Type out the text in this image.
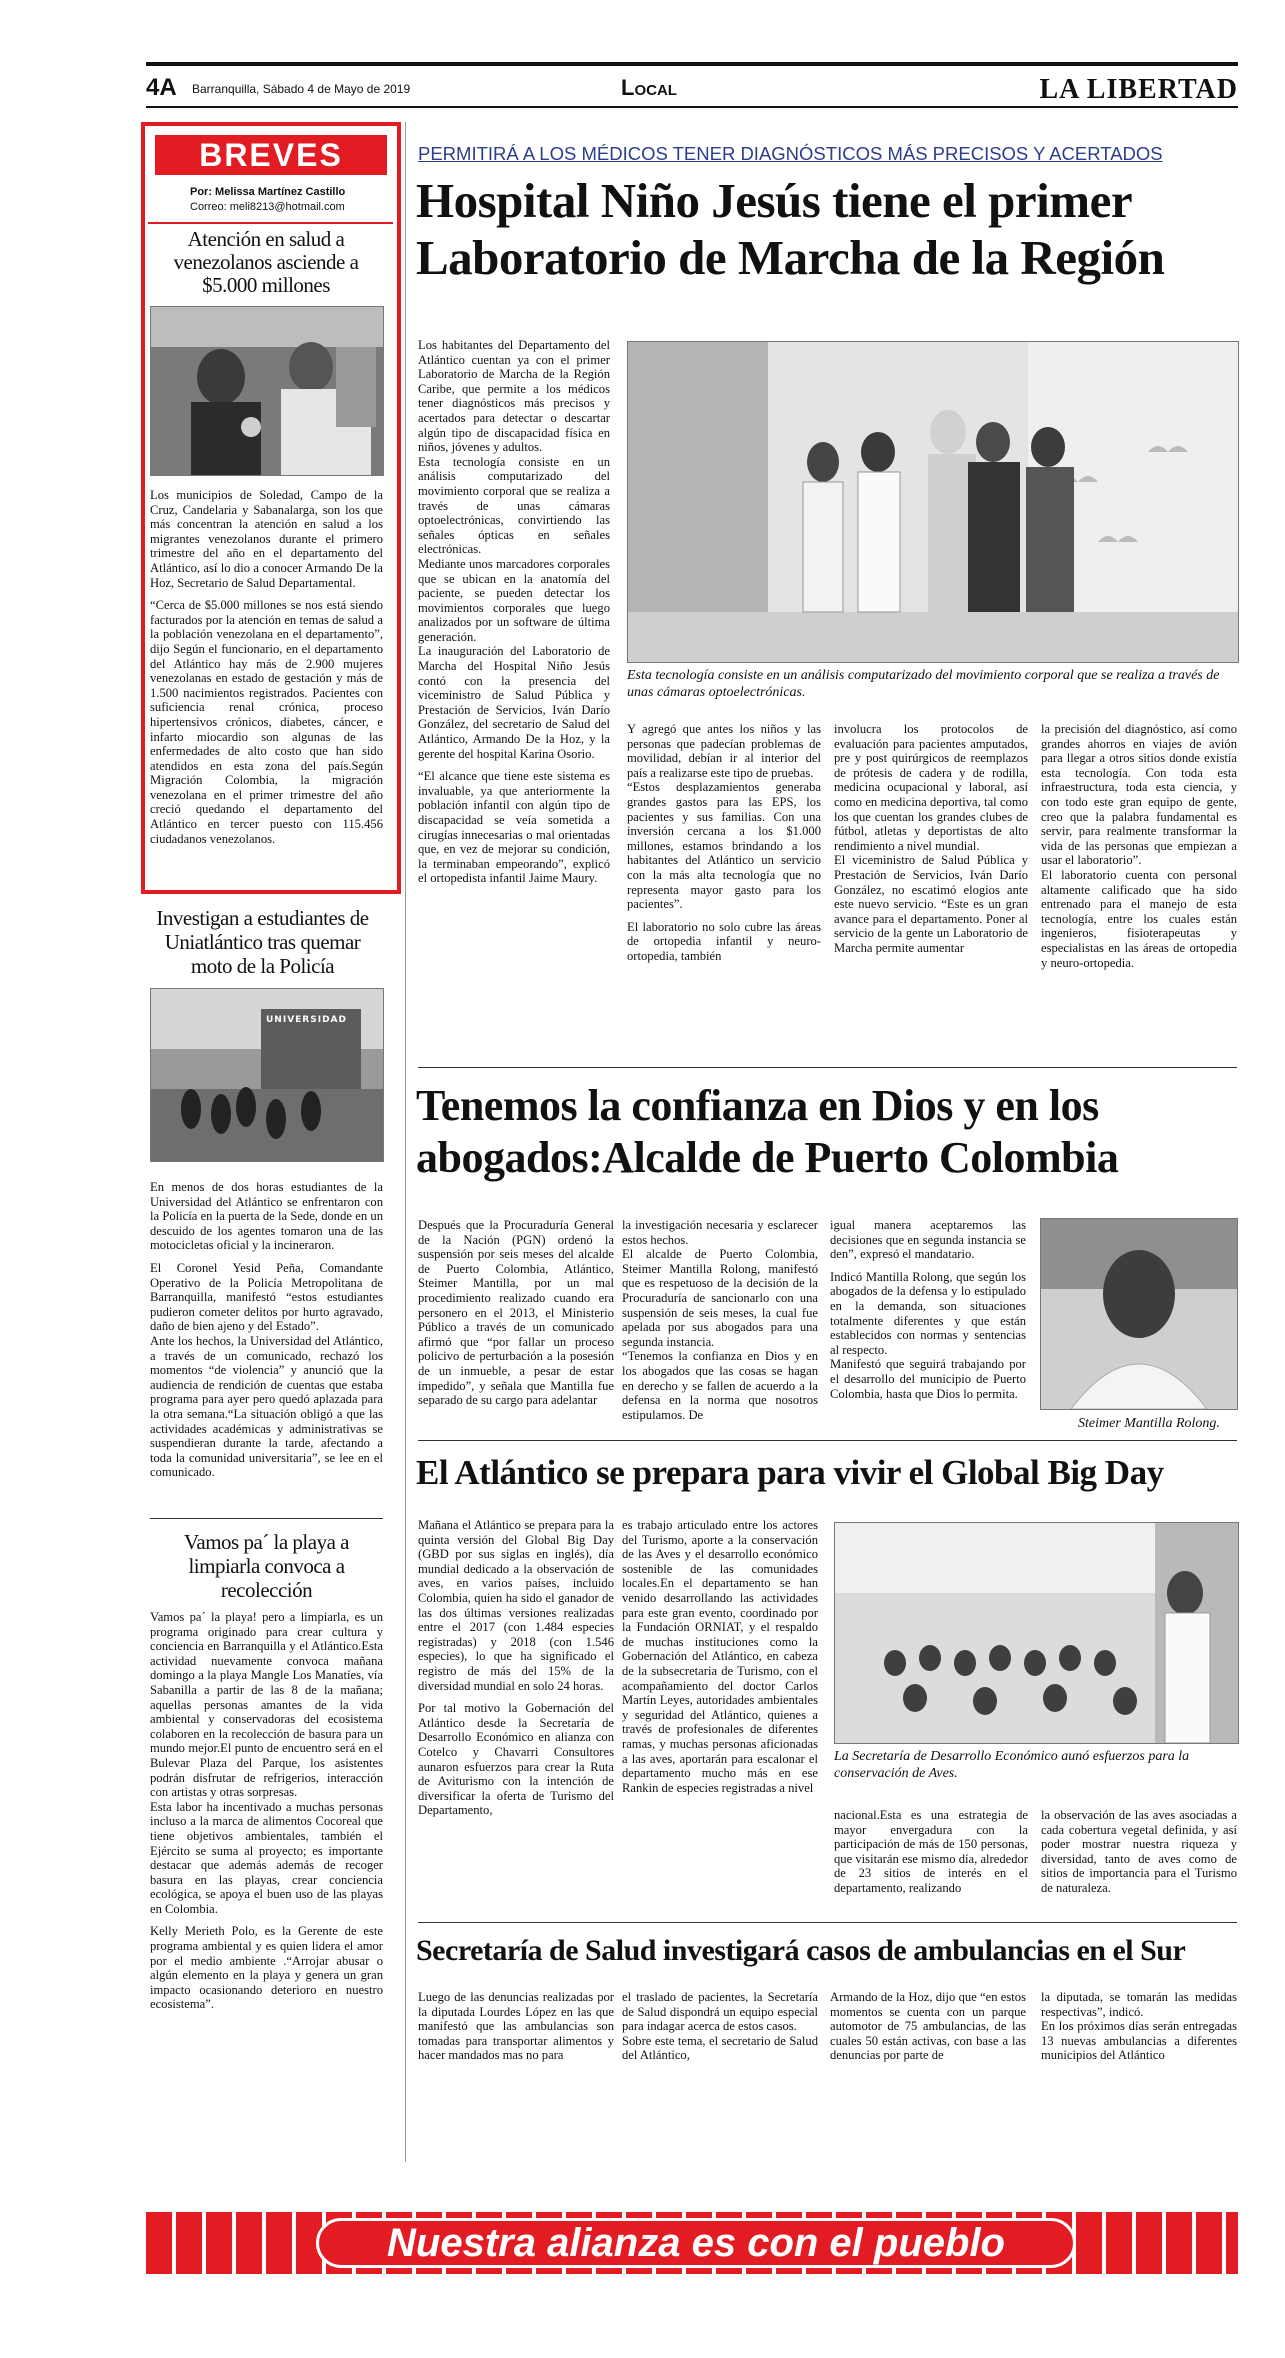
4A Barranquilla, Sábado 4 de Mayo de 2019	Local	LA LIBERTAD
BREVES
Por: Melissa Martínez Castillo
Correo: meli8213@hotmail.com
Atención en salud a venezolanos asciende a $5.000 millones

Los municipios de Soledad, Campo de la Cruz, Candelaria y Sabanalarga, son los que más concentran la atención en salud a los migrantes venezolanos durante el primero trimestre del año en el departamento del Atlántico, así lo dio a conocer Armando De la Hoz, Secretario de Salud Departamental.

“Cerca de $5.000 millones se nos está siendo facturados por la atención en temas de salud a la población venezolana en el departamento”, dijo Según el funcionario, en el departamento del Atlántico hay más de 2.900 mujeres venezolanas en estado de gestación y más de 1.500 nacimientos registrados. Pacientes con suficiencia renal crónica, proceso hipertensivos crónicos, diabetes, cáncer, e infarto miocardio son algunas de las enfermedades de alto costo que han sido atendidos en esta zona del país.Según Migración Colombia, la migración venezolana en el primer trimestre del año creció quedando el departamento del Atlántico en tercer puesto con 115.456 ciudadanos venezolanos.

Investigan a estudiantes de Uniatlántico tras quemar moto de la Policía
UNIVERSIDAD

En menos de dos horas estudiantes de la Universidad del Atlántico se enfrentaron con la Policía en la puerta de la Sede, donde en un descuido de los agentes tomaron una de las motocicletas oficial y la incineraron.

El Coronel Yesid Peña, Comandante Operativo de la Policía Metropolitana de Barranquilla, manifestó “estos estudiantes pudieron cometer delitos por hurto agravado, daño de bien ajeno y del Estado”.

Ante los hechos, la Universidad del Atlántico, a través de un comunicado, rechazó los momentos “de violencia” y anunció que la audiencia de rendición de cuentas que estaba programa para ayer pero quedó aplazada para la otra semana.“La situación obligó a que las actividades académicas y administrativas se suspendieran durante la tarde, afectando a toda la comunidad universitaria”, se lee en el comunicado.

Vamos pa´ la playa a limpiarla convoca a recolección

Vamos pa´ la playa! pero a limpiarla, es un programa originado para crear cultura y conciencia en Barranquilla y el Atlántico.Esta actividad nuevamente convoca mañana domingo a la playa Mangle Los Manatíes, vía Sabanilla a partir de las 8 de la mañana; aquellas personas amantes de la vida ambiental y conservadoras del ecosistema colaboren en la recolección de basura para un mundo mejor.El punto de encuentro será en el Bulevar Plaza del Parque, los asistentes podrán disfrutar de refrigerios, interacción con artistas y otras sorpresas.

Esta labor ha incentivado a muchas personas incluso a la marca de alimentos Cocoreal que tiene objetivos ambientales, también el Ejército se suma al proyecto; es importante destacar que además además de recoger basura en las playas, crear conciencia ecológica, se apoya el buen uso de las playas en Colombia.

Kelly Merieth Polo, es la Gerente de este programa ambiental y es quien lidera el amor por el medio ambiente .“Arrojar abusar o algún elemento en la playa y genera un gran impacto ocasionando deterioro en nuestro ecosistema”.

PERMITIRÁ A LOS MÉDICOS TENER DIAGNÓSTICOS MÁS PRECISOS Y ACERTADOS
Hospital Niño Jesús tiene el primer Laboratorio de Marcha de la Región

Los habitantes del Departamento del Atlántico cuentan ya con el primer Laboratorio de Marcha de la Región Caribe, que permite a los médicos tener diagnósticos más precisos y acertados para detectar o descartar algún tipo de discapacidad física en niños, jóvenes y adultos.

Esta tecnología consiste en un análisis computarizado del movimiento corporal que se realiza a través de unas cámaras optoelectrónicas, convirtiendo las señales ópticas en señales electrónicas.

Mediante unos marcadores corporales que se ubican en la anatomía del paciente, se pueden detectar los movimientos corporales que luego analizados por un software de última generación.

La inauguración del Laboratorio de Marcha del Hospital Niño Jesús contó con la presencia del viceministro de Salud Pública y Prestación de Servicios, Iván Darío González, del secretario de Salud del Atlántico, Armando De la Hoz, y la gerente del hospital Karina Osorio.

“El alcance que tiene este sistema es invaluable, ya que anteriormente la población infantil con algún tipo de discapacidad se veía sometida a cirugías innecesarias o mal orientadas que, en vez de mejorar su condición, la terminaban empeorando”, explicó el ortopedista infantil Jaime Maury.

Esta tecnología consiste en un análisis computarizado del movimiento corporal que se realiza a través de unas cámaras optoelectrónicas.

Y agregó que antes los niños y las personas que padecían problemas de movilidad, debían ir al interior del país a realizarse este tipo de pruebas.

“Estos desplazamientos generaba grandes gastos para las EPS, los pacientes y sus familias. Con una inversión cercana a los $1.000 millones, estamos brindando a los habitantes del Atlántico un servicio con la más alta tecnología que no representa mayor gasto para los pacientes”.

El laboratorio no solo cubre las áreas de ortopedia infantil y neuro-ortopedia, también

involucra los protocolos de evaluación para pacientes amputados, pre y post quirúrgicos de reemplazos de prótesis de cadera y de rodilla, medicina ocupacional y laboral, así como en medicina deportiva, tal como los que cuentan los grandes clubes de fútbol, atletas y deportistas de alto rendimiento a nivel mundial.

El viceministro de Salud Pública y Prestación de Servicios, Iván Darío González, no escatimó elogios ante este nuevo servicio. “Este es un gran avance para el departamento. Poner al servicio de la gente un Laboratorio de Marcha permite aumentar

la precisión del diagnóstico, así como grandes ahorros en viajes de avión para llegar a otros sitios donde existía esta tecnología. Con toda esta infraestructura, toda esta ciencia, y con todo este gran equipo de gente, creo que la palabra fundamental es servir, para realmente transformar la vida de las personas que empiezan a usar el laboratorio”.

El laboratorio cuenta con personal altamente calificado que ha sido entrenado para el manejo de esta tecnología, entre los cuales están ingenieros, fisioterapeutas y especialistas en las áreas de ortopedia y neuro-ortopedia.

Tenemos la confianza en Dios y en los abogados:Alcalde de Puerto Colombia

Después que la Procuraduría General de la Nación (PGN) ordenó la suspensión por seis meses del alcalde de Puerto Colombia, Atlántico, Steimer Mantilla, por un mal procedimiento realizado cuando era personero en el 2013, el Ministerio Público a través de un comunicado afirmó que “por fallar un proceso policivo de perturbación a la posesión de un inmueble, a pesar de estar impedido”, y señala que Mantilla fue separado de su cargo para adelantar

la investigación necesaria y esclarecer estos hechos.

El alcalde de Puerto Colombia, Steimer Mantilla Rolong, manifestó que es respetuoso de la decisión de la Procuraduría de sancionarlo con una suspensión de seis meses, la cual fue apelada por sus abogados para una segunda instancia.

“Tenemos la confianza en Dios y en los abogados que las cosas se hagan en derecho y se fallen de acuerdo a la defensa en la norma que nosotros estipulamos. De

igual manera aceptaremos las decisiones que en segunda instancia se den”, expresó el mandatario.

Indicó Mantilla Rolong, que según los abogados de la defensa y lo estipulado en la demanda, son situaciones totalmente diferentes y que están establecidos con normas y sentencias al respecto.

Manifestó que seguirá trabajando por el desarrollo del municipio de Puerto Colombia, hasta que Dios lo permita.

Steimer Mantilla Rolong.

El Atlántico se prepara para vivir el Global Big Day

Mañana el Atlántico se prepara para la quinta versión del Global Big Day (GBD por sus siglas en inglés), día mundial dedicado a la observación de aves, en varios países, incluido Colombia, quien ha sido el ganador de las dos últimas versiones realizadas entre el 2017 (con 1.484 especies registradas) y 2018 (con 1.546 especies), lo que ha significado el registro de más del 15% de la diversidad mundial en solo 24 horas.

Por tal motivo la Gobernación del Atlántico desde la Secretaría de Desarrollo Económico en alianza con Cotelco y Chavarri Consultores aunaron esfuerzos para crear la Ruta de Aviturismo con la intención de diversificar la oferta de Turismo del Departamento,

es trabajo articulado entre los actores del Turismo, aporte a la conservación de las Aves y el desarrollo económico sostenible de las comunidades locales.En el departamento se han venido desarrollando las actividades para este gran evento, coordinado por la Fundación ORNIAT, y el respaldo de muchas instituciones como la Gobernación del Atlántico, en cabeza de la subsecretaria de Turismo, con el acompañamiento del doctor Carlos Martín Leyes, autoridades ambientales y seguridad del Atlántico, quienes a través de profesionales de diferentes ramas, y muchas personas aficionadas a las aves, aportarán para escalonar el departamento mucho más en ese Rankin de especies registradas a nivel

La Secretaría de Desarrollo Económico aunó esfuerzos para la conservación de Aves.

nacional.Esta es una estrategia de mayor envergadura con la participación de más de 150 personas, que visitarán ese mismo día, alrededor de 23 sitios de interés en el departamento, realizando

la observación de las aves asociadas a cada cobertura vegetal definida, y así poder mostrar nuestra riqueza y diversidad, tanto de aves como de sitios de importancia para el Turismo de naturaleza.

Secretaría de Salud investigará casos de ambulancias en el Sur

Luego de las denuncias realizadas por la diputada Lourdes López en las que manifestó que las ambulancias son tomadas para transportar alimentos y hacer mandados mas no para

el traslado de pacientes, la Secretaría de Salud dispondrá un equipo especial para indagar acerca de estos casos.

Sobre este tema, el secretario de Salud del Atlántico,

Armando de la Hoz, dijo que “en estos momentos se cuenta con un parque automotor de 75 ambulancias, de las cuales 50 están activas, con base a las denuncias por parte de

la diputada, se tomarán las medidas respectivas”, indicó.

En los próximos días serán entregadas 13 nuevas ambulancias a diferentes municipios del Atlántico

Nuestra alianza es con el pueblo
